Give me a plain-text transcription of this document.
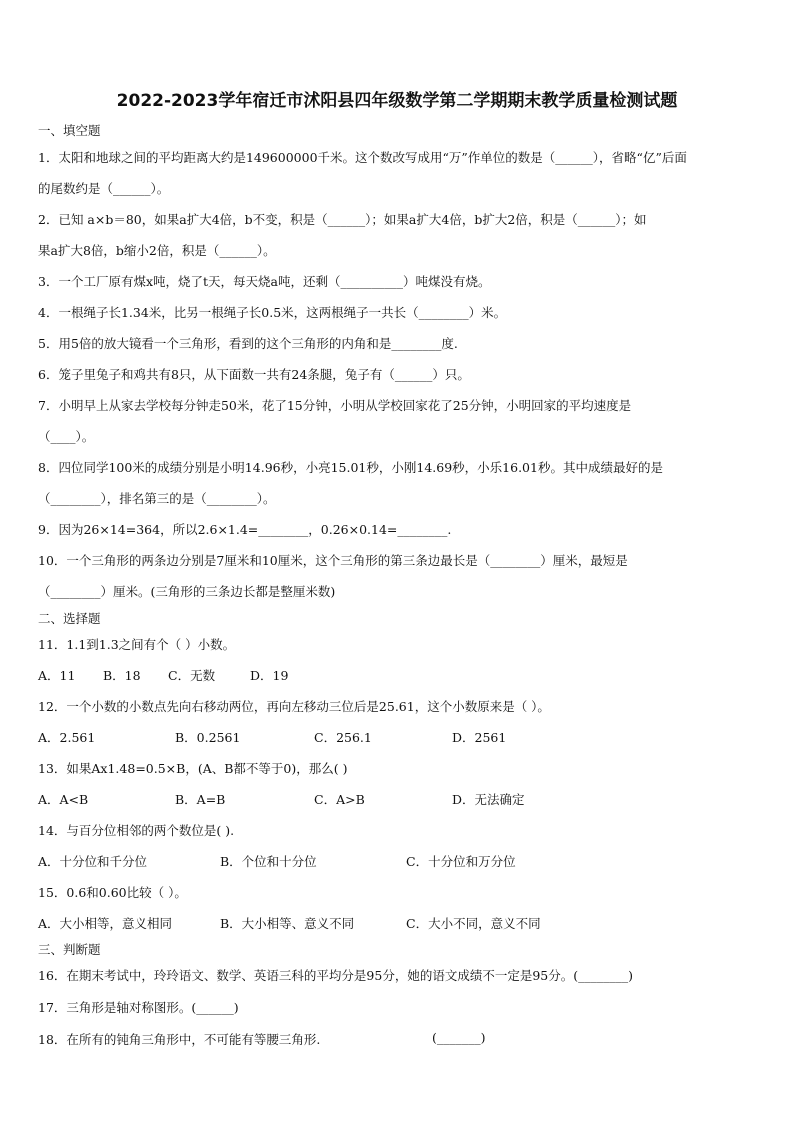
2022-2023学年宿迁市沭阳县四年级数学第二学期期末教学质量检测试题
一、填空题
1．太阳和地球之间的平均距离大约是149600000千米。这个数改写成用“万”作单位的数是（______），省略“亿”后面
的尾数约是（______）。
2．已知 a×b＝80，如果a扩大4倍，b不变，积是（______）；如果a扩大4倍，b扩大2倍，积是（______）；如
果a扩大8倍，b缩小2倍，积是（______）。
3．一个工厂原有煤x吨，烧了t天，每天烧a吨，还剩（__________）吨煤没有烧。
4．一根绳子长1.34米，比另一根绳子长0.5米，这两根绳子一共长（________）米。
5．用5倍的放大镜看一个三角形，看到的这个三角形的内角和是________度.
6．笼子里兔子和鸡共有8只，从下面数一共有24条腿，兔子有（______）只。
7．小明早上从家去学校每分钟走50米，花了15分钟，小明从学校回家花了25分钟，小明回家的平均速度是
（____）。
8．四位同学100米的成绩分别是小明14.96秒，小亮15.01秒，小刚14.69秒，小乐16.01秒。其中成绩最好的是
（________），排名第三的是（________）。
9．因为26×14=364，所以2.6×1.4=________，0.26×0.14=________.
10．一个三角形的两条边分别是7厘米和10厘米，这个三角形的第三条边最长是（________）厘米，最短是
（________）厘米。(三角形的三条边长都是整厘米数)
二、选择题
11．1.1到1.3之间有个（ ）小数。
A．11 B．18 C．无数	D．19
12．一个小数的小数点先向右移动两位，再向左移动三位后是25.61，这个小数原来是（ ）。
A．2.561	B．0.2561	C．256.1	D．2561
13．如果Ax1.48=0.5×B，(A、B都不等于0)，那么( )
A．A<B	B．A=B	C．A>B	D．无法确定
14．与百分位相邻的两个数位是( ).
A．十分位和千分位	B．个位和十分位	C．十分位和万分位
15．0.6和0.60比较（ ）。
A．大小相等，意义相同	B．大小相等、意义不同	C．大小不同，意义不同
三、判断题
16．在期末考试中，玲玲语文、数学、英语三科的平均分是95分，她的语文成绩不一定是95分。(________)
17．三角形是轴对称图形。(______)
18．在所有的钝角三角形中，不可能有等腰三角形.	(_______)
